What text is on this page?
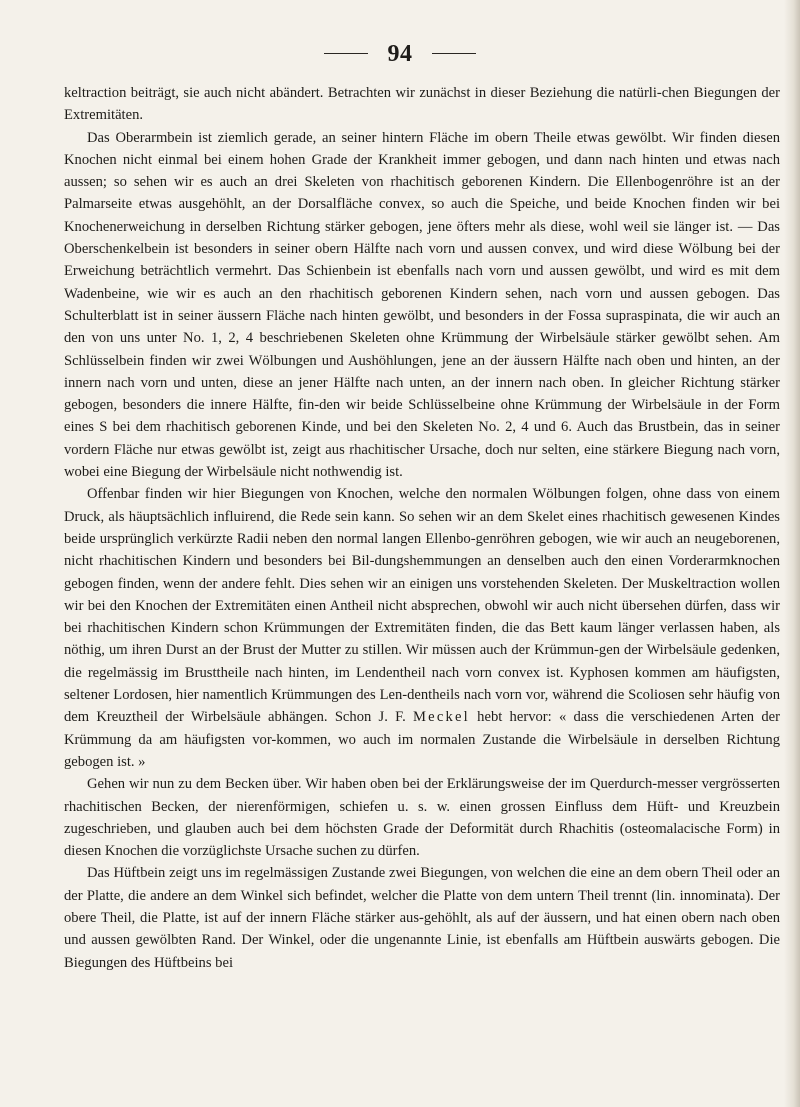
94

keltraction beiträgt, sie auch nicht abändert. Betrachten wir zunächst in dieser Beziehung die natürli-chen Biegungen der Extremitäten.

Das Oberarmbein ist ziemlich gerade, an seiner hintern Fläche im obern Theile etwas gewölbt. Wir finden diesen Knochen nicht einmal bei einem hohen Grade der Krankheit immer gebogen, und dann nach hinten und etwas nach aussen; so sehen wir es auch an drei Skeleten von rhachitisch geborenen Kindern. Die Ellenbogenröhre ist an der Palmarseite etwas ausgehöhlt, an der Dorsalfläche convex, so auch die Speiche, und beide Knochen finden wir bei Knochenerweichung in derselben Richtung stärker gebogen, jene öfters mehr als diese, wohl weil sie länger ist. — Das Oberschenkelbein ist besonders in seiner obern Hälfte nach vorn und aussen convex, und wird diese Wölbung bei der Erweichung beträchtlich vermehrt. Das Schienbein ist ebenfalls nach vorn und aussen gewölbt, und wird es mit dem Wadenbeine, wie wir es auch an den rhachitisch geborenen Kindern sehen, nach vorn und aussen gebogen. Das Schulterblatt ist in seiner äussern Fläche nach hinten gewölbt, und besonders in der Fossa supraspinata, die wir auch an den von uns unter No. 1, 2, 4 beschriebenen Skeleten ohne Krümmung der Wirbelsäule stärker gewölbt sehen. Am Schlüsselbein finden wir zwei Wölbungen und Aushöhlungen, jene an der äussern Hälfte nach oben und hinten, an der innern nach vorn und unten, diese an jener Hälfte nach unten, an der innern nach oben. In gleicher Richtung stärker gebogen, besonders die innere Hälfte, fin-den wir beide Schlüsselbeine ohne Krümmung der Wirbelsäule in der Form eines S bei dem rhachitisch geborenen Kinde, und bei den Skeleten No. 2, 4 und 6. Auch das Brustbein, das in seiner vordern Fläche nur etwas gewölbt ist, zeigt aus rhachitischer Ursache, doch nur selten, eine stärkere Biegung nach vorn, wobei eine Biegung der Wirbelsäule nicht nothwendig ist.

Offenbar finden wir hier Biegungen von Knochen, welche den normalen Wölbungen folgen, ohne dass von einem Druck, als häuptsächlich influirend, die Rede sein kann. So sehen wir an dem Skelet eines rhachitisch gewesenen Kindes beide ursprünglich verkürzte Radii neben den normal langen Ellenbo-genröhren gebogen, wie wir auch an neugeborenen, nicht rhachitischen Kindern und besonders bei Bil-dungshemmungen an denselben auch den einen Vorderarmknochen gebogen finden, wenn der andere fehlt. Dies sehen wir an einigen uns vorstehenden Skeleten. Der Muskeltraction wollen wir bei den Knochen der Extremitäten einen Antheil nicht absprechen, obwohl wir auch nicht übersehen dürfen, dass wir bei rhachitischen Kindern schon Krümmungen der Extremitäten finden, die das Bett kaum länger verlassen haben, als nöthig, um ihren Durst an der Brust der Mutter zu stillen. Wir müssen auch der Krümmun-gen der Wirbelsäule gedenken, die regelmässig im Brusttheile nach hinten, im Lendentheil nach vorn convex ist. Kyphosen kommen am häufigsten, seltener Lordosen, hier namentlich Krümmungen des Len-dentheils nach vorn vor, während die Scoliosen sehr häufig von dem Kreuztheil der Wirbelsäule abhängen. Schon J. F. Meckel hebt hervor: « dass die verschiedenen Arten der Krümmung da am häufigsten vor-kommen, wo auch im normalen Zustande die Wirbelsäule in derselben Richtung gebogen ist. »

Gehen wir nun zu dem Becken über. Wir haben oben bei der Erklärungsweise der im Querdurch-messer vergrösserten rhachitischen Becken, der nierenförmigen, schiefen u. s. w. einen grossen Einfluss dem Hüft- und Kreuzbein zugeschrieben, und glauben auch bei dem höchsten Grade der Deformität durch Rhachitis (osteomalacische Form) in diesen Knochen die vorzüglichste Ursache suchen zu dürfen.

Das Hüftbein zeigt uns im regelmässigen Zustande zwei Biegungen, von welchen die eine an dem obern Theil oder an der Platte, die andere an dem Winkel sich befindet, welcher die Platte von dem untern Theil trennt (lin. innominata). Der obere Theil, die Platte, ist auf der innern Fläche stärker aus-gehöhlt, als auf der äussern, und hat einen obern nach oben und aussen gewölbten Rand. Der Winkel, oder die ungenannte Linie, ist ebenfalls am Hüftbein auswärts gebogen. Die Biegungen des Hüftbeins bei
